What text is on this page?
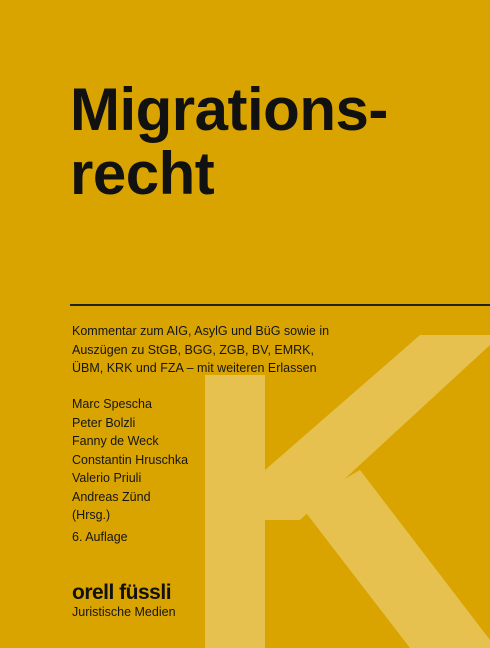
Migrations-
recht
Kommentar zum AIG, AsylG und BüG sowie in
Auszügen zu StGB, BGG, ZGB, BV, EMRK,
ÜBM, KRK und FZA – mit weiteren Erlassen
Marc Spescha
Peter Bolzli
Fanny de Weck
Constantin Hruschka
Valerio Priuli
Andreas Zünd
(Hrsg.)
6. Auflage
orell füssli
Juristische Medien
